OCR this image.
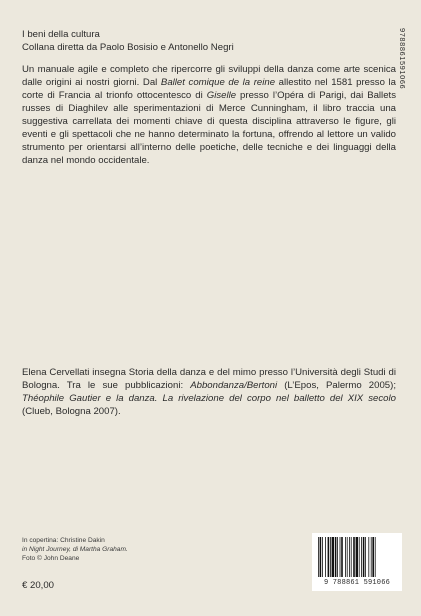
9788861591066
I beni della cultura
Collana diretta da Paolo Bosisio e Antonello Negri
Un manuale agile e completo che ripercorre gli sviluppi della danza come arte scenica dalle origini ai nostri giorni. Dal Ballet comique de la reine allestito nel 1581 presso la corte di Francia al trionfo ottocentesco di Giselle presso l’Opéra di Parigi, dai Ballets russes di Diaghilev alle sperimentazioni di Merce Cunningham, il libro traccia una suggestiva carrellata dei momenti chiave di questa disciplina attraverso le figure, gli eventi e gli spettacoli che ne hanno determinato la fortuna, offrendo al lettore un valido strumento per orientarsi all’interno delle poetiche, delle tecniche e dei linguaggi della danza nel mondo occidentale.
Elena Cervellati insegna Storia della danza e del mimo presso l’Università degli Studi di Bologna. Tra le sue pubblicazioni: Abbondanza/Bertoni (L’Epos, Palermo 2005); Théophile Gautier e la danza. La rivelazione del corpo nel balletto del XIX secolo (Clueb, Bologna 2007).
In copertina: Christine Dakin
in Night Journey, di Martha Graham.
Foto © John Deane
€ 20,00	9 788861 591066
